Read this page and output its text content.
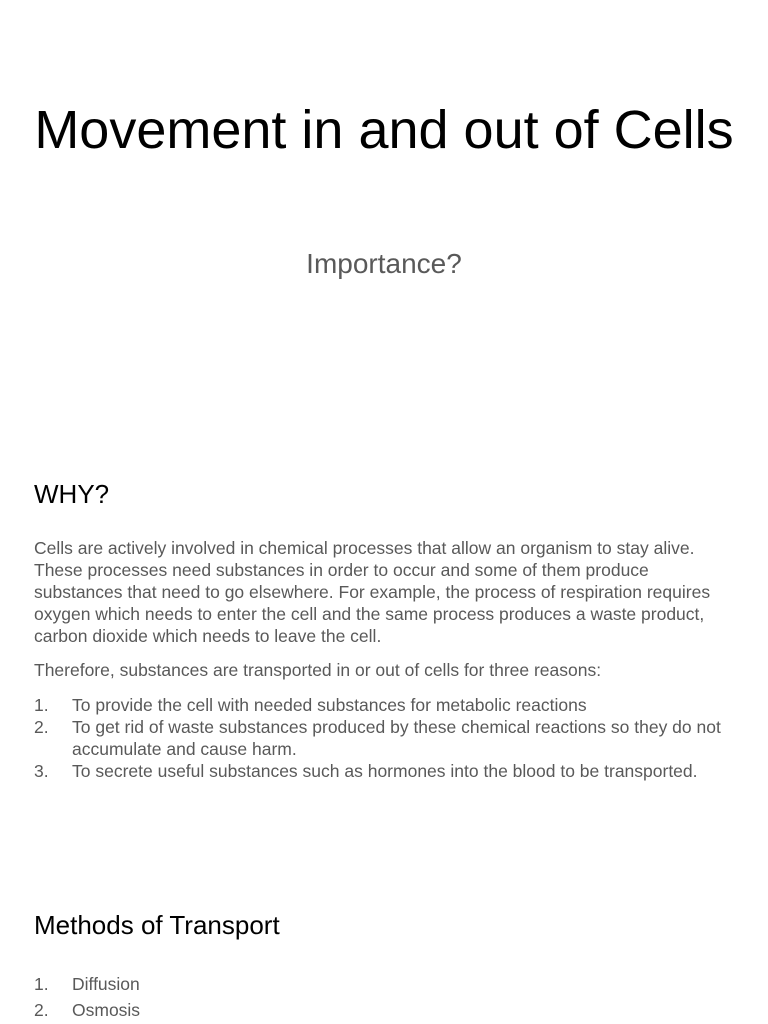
Movement in and out of Cells
Importance?
WHY?

Cells are actively involved in chemical processes that allow an organism to stay alive. These processes need substances in order to occur and some of them produce substances that need to go elsewhere. For example, the process of respiration requires oxygen which needs to enter the cell and the same process produces a waste product, carbon dioxide which needs to leave the cell.

Therefore, substances are transported in or out of cells for three reasons:

1. To provide the cell with needed substances for metabolic reactions
2. To get rid of waste substances produced by these chemical reactions so they do not accumulate and cause harm.
3. To secrete useful substances such as hormones into the blood to be transported.
Methods of Transport
1. Diffusion
2. Osmosis
